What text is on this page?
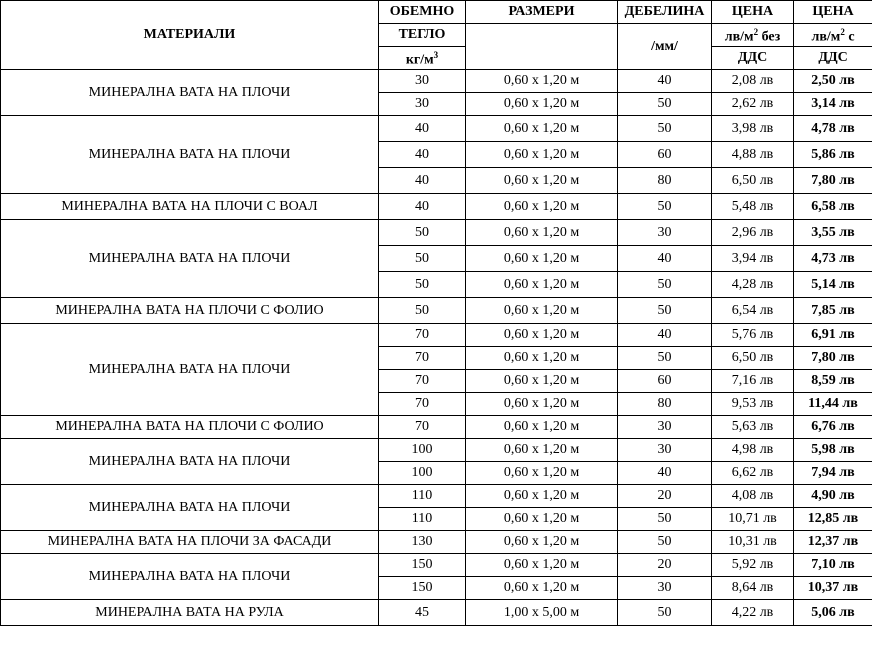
МАТЕРИАЛИ	ОБЕМНО	РАЗМЕРИ	ДЕБЕЛИНА	ЦЕНА	ЦЕНА
	ТЕГЛО		/мм/	$лв/м^2$ без	$лв/м^2$ с
	$кг/м^3$			ДДС	ДДС
МИНЕРАЛНА ВАТА НА ПЛОЧИ	30	0,60 х 1,20 м	40	2,08 лв	2,50 лв
	30	0,60 х 1,20 м	50	2,62 лв	3,14 лв
МИНЕРАЛНА ВАТА НА ПЛОЧИ	40	0,60 х 1,20 м	50	3,98 лв	4,78 лв
	40	0,60 х 1,20 м	60	4,88 лв	5,86 лв
	40	0,60 х 1,20 м	80	6,50 лв	7,80 лв
МИНЕРАЛНА ВАТА НА ПЛОЧИ С ВОАЛ	40	0,60 х 1,20 м	50	5,48 лв	6,58 лв
МИНЕРАЛНА ВАТА НА ПЛОЧИ	50	0,60 х 1,20 м	30	2,96 лв	3,55 лв
	50	0,60 х 1,20 м	40	3,94 лв	4,73 лв
	50	0,60 х 1,20 м	50	4,28 лв	5,14 лв
МИНЕРАЛНА ВАТА НА ПЛОЧИ С ФОЛИО	50	0,60 х 1,20 м	50	6,54 лв	7,85 лв
МИНЕРАЛНА ВАТА НА ПЛОЧИ	70	0,60 х 1,20 м	40	5,76 лв	6,91 лв
	70	0,60 х 1,20 м	50	6,50 лв	7,80 лв
	70	0,60 х 1,20 м	60	7,16 лв	8,59 лв
	70	0,60 х 1,20 м	80	9,53 лв	11,44 лв
МИНЕРАЛНА ВАТА НА ПЛОЧИ С ФОЛИО	70	0,60 х 1,20 м	30	5,63 лв	6,76 лв
МИНЕРАЛНА ВАТА НА ПЛОЧИ	100	0,60 х 1,20 м	30	4,98 лв	5,98 лв
	100	0,60 х 1,20 м	40	6,62 лв	7,94 лв
МИНЕРАЛНА ВАТА НА ПЛОЧИ	110	0,60 х 1,20 м	20	4,08 лв	4,90 лв
	110	0,60 х 1,20 м	50	10,71 лв	12,85 лв
МИНЕРАЛНА ВАТА НА ПЛОЧИ ЗА ФАСАДИ	130	0,60 х 1,20 м	50	10,31 лв	12,37 лв
МИНЕРАЛНА ВАТА НА ПЛОЧИ	150	0,60 х 1,20 м	20	5,92 лв	7,10 лв
	150	0,60 х 1,20 м	30	8,64 лв	10,37 лв
МИНЕРАЛНА ВАТА НА РУЛА	45	1,00 х 5,00 м	50	4,22 лв	5,06 лв
